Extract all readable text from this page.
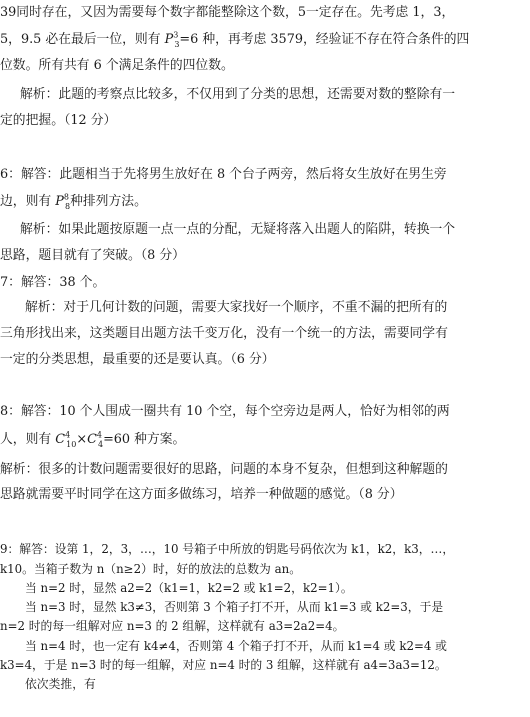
39同时存在，又因为需要每个数字都能整除这个数，5一定存在。先考虑 1，3，
5，9.5 必在最后一位，则有 $P^3_3=6$ 种，再考虑 3579，经验证不存在符合条件的四
位数。所有共有 6 个满足条件的四位数。
解析：此题的考察点比较多，不仅用到了分类的思想，还需要对数的整除有一
定的把握。（12 分）
6：解答：此题相当于先将男生放好在 8 个台子两旁，然后将女生放好在男生旁
边，则有 $P^8_8$种排列方法。
解析：如果此题按原题一点一点的分配，无疑将落入出题人的陷阱，转换一个
思路，题目就有了突破。（8 分）
7：解答：38 个。
解析：对于几何计数的问题，需要大家找好一个顺序，不重不漏的把所有的
三角形找出来，这类题目出题方法千变万化，没有一个统一的方法，需要同学有
一定的分类思想，最重要的还是要认真。（6 分）
8：解答：10 个人围成一圈共有 10 个空，每个空旁边是两人，恰好为相邻的两
人，则有 $C^4_{10}\times C^4_4=60$ 种方案。
解析：很多的计数问题需要很好的思路，问题的本身不复杂，但想到这种解题的
思路就需要平时同学在这方面多做练习，培养一种做题的感觉。（8 分）
9：解答：设第 1，2，3，…，10 号箱子中所放的钥匙号码依次为 k1，k2，k3，…，
k10。当箱子数为 n（n≥2）时，好的放法的总数为 an。
当 n=2 时，显然 a2=2（k1=1，k2=2 或 k1=2，k2=1）。
当 n=3 时，显然 k3≠3，否则第 3 个箱子打不开，从而 k1=3 或 k2=3，于是
n=2 时的每一组解对应 n=3 的 2 组解，这样就有 a3=2a2=4。
当 n=4 时，也一定有 k4≠4，否则第 4 个箱子打不开，从而 k1=4 或 k2=4 或
k3=4，于是 n=3 时的每一组解，对应 n=4 时的 3 组解，这样就有 a4=3a3=12。
依次类推，有
